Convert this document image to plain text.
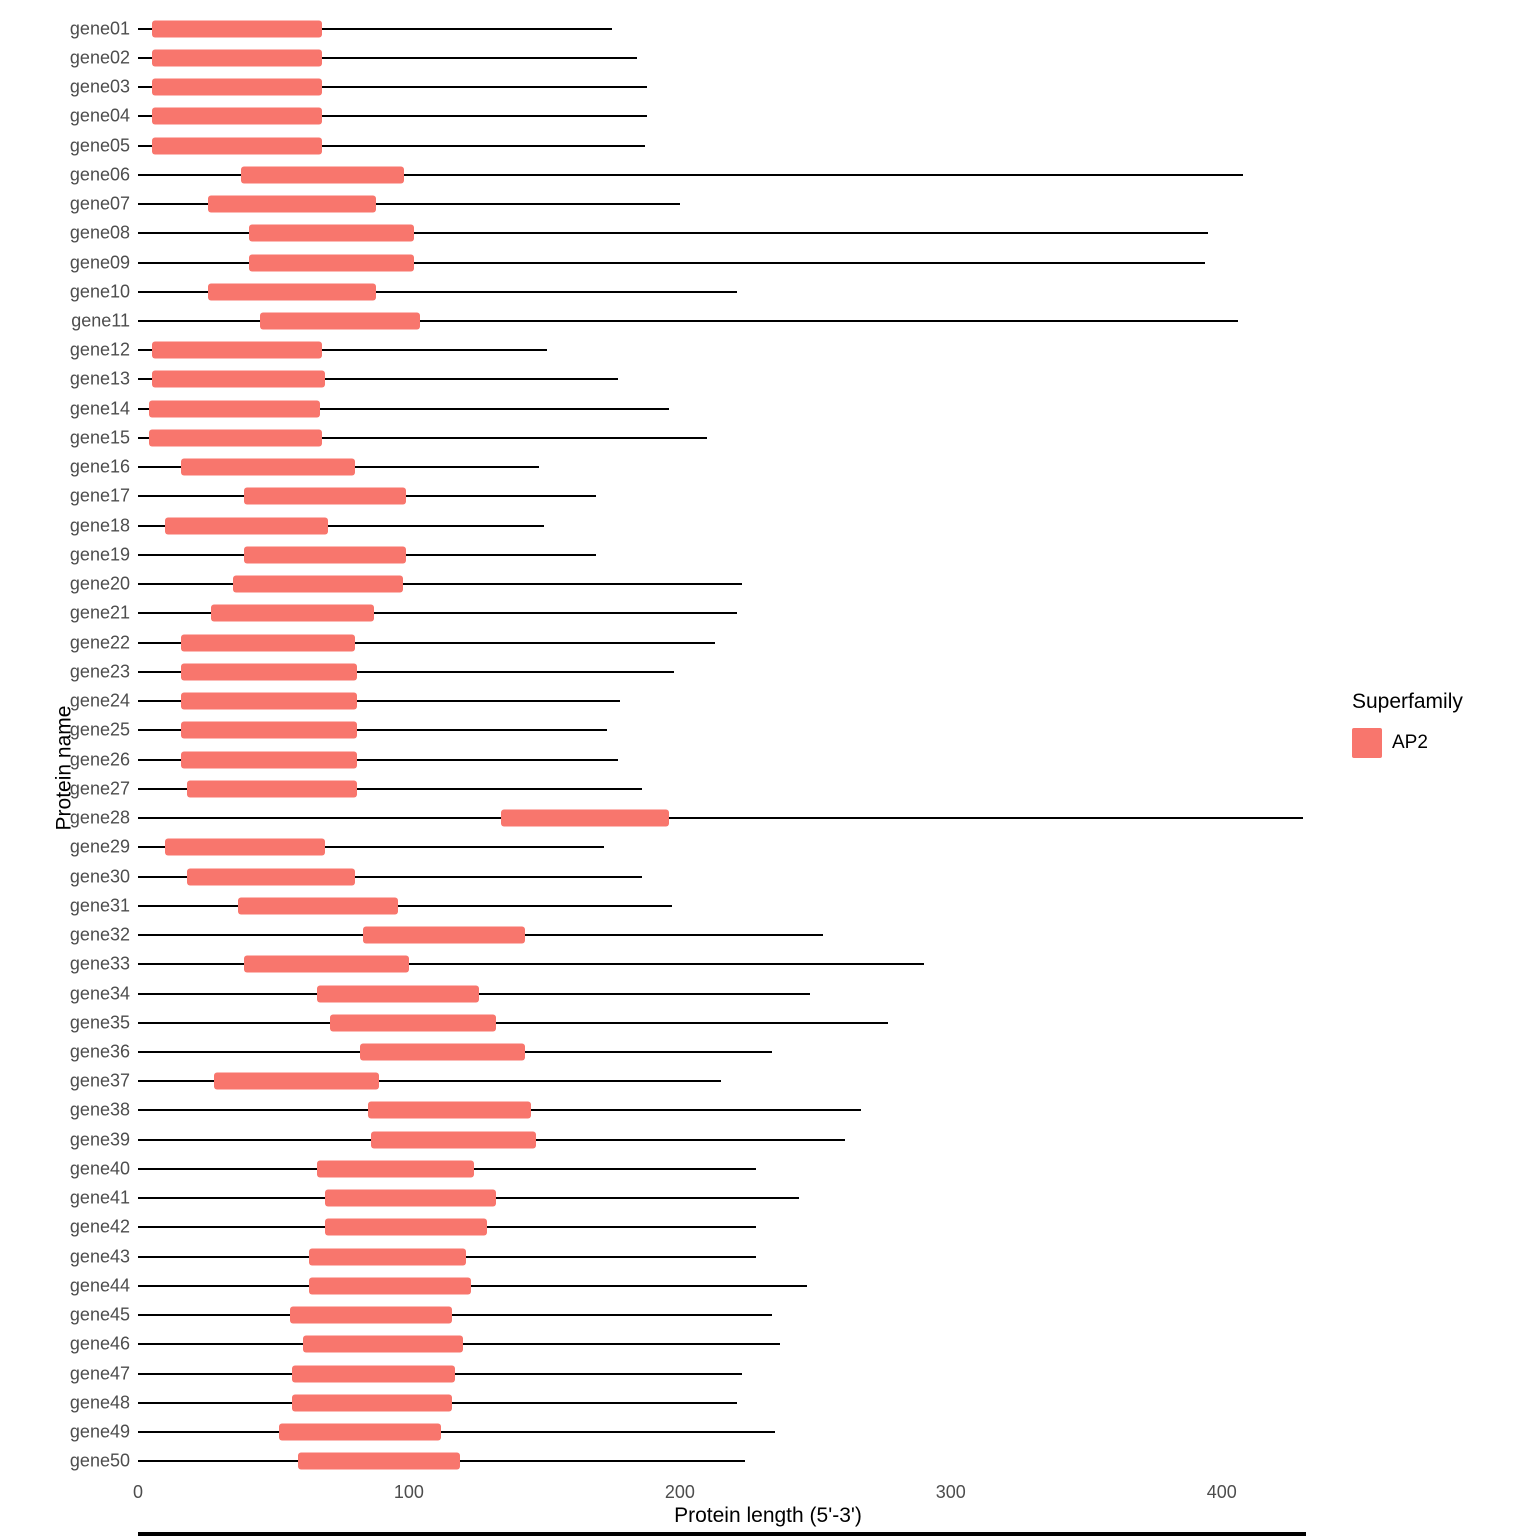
Protein name
gene01
gene02
gene03
gene04
gene05
gene06
gene07
gene08
gene09
gene10
gene11
gene12
gene13
gene14
gene15
gene16
gene17
gene18
gene19
gene20
gene21
gene22
gene23
gene24
gene25
gene26
gene27
gene28
gene29
gene30
gene31
gene32
gene33
gene34
gene35
gene36
gene37
gene38
gene39
gene40
gene41
gene42
gene43
gene44
gene45
gene46
gene47
gene48
gene49
gene50
0	100	200	300	400
Protein length (5'-3')
Superfamily
AP2
